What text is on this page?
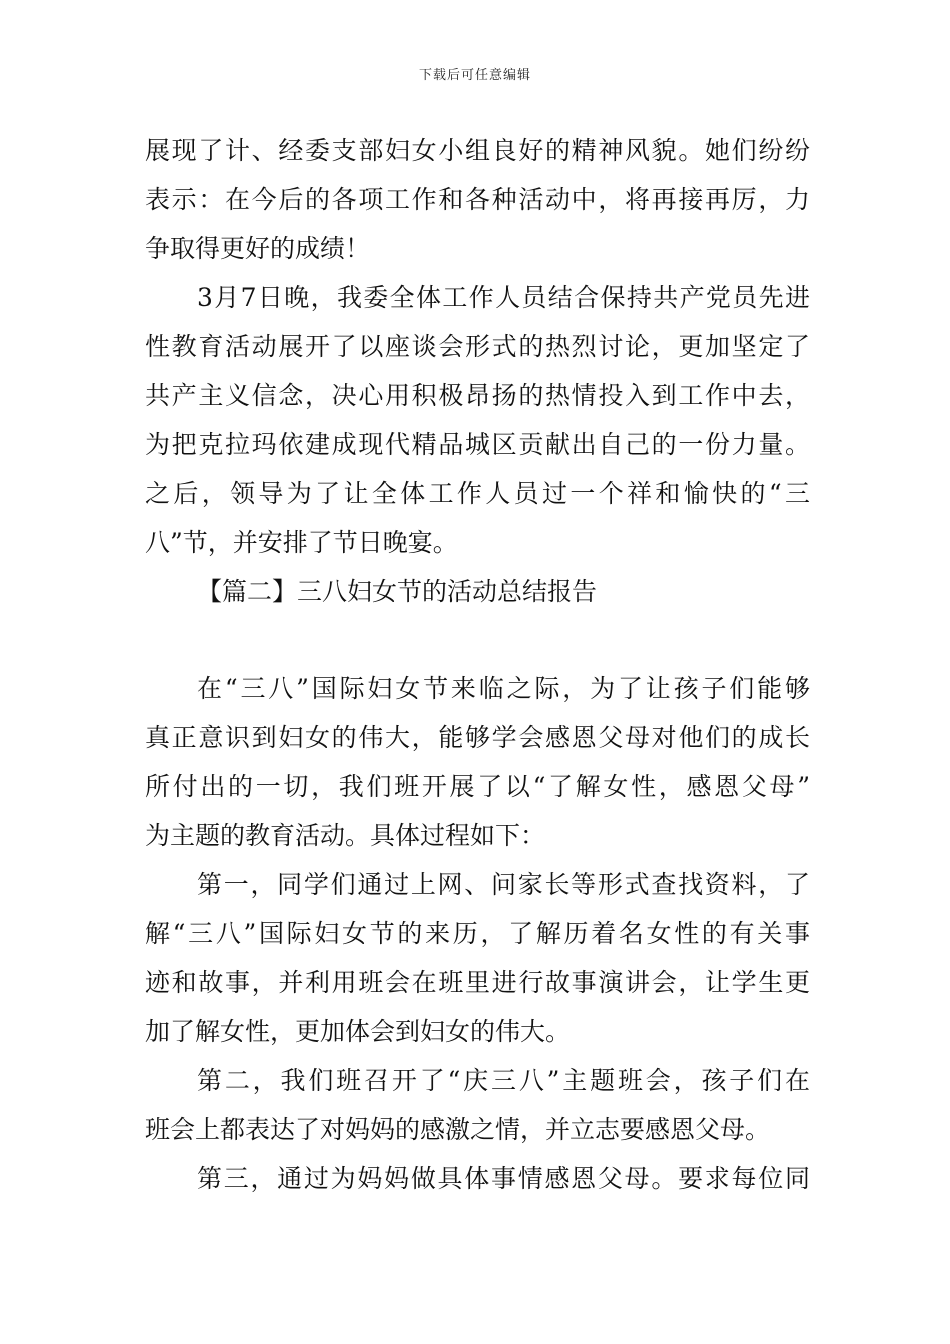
下载后可任意编辑
展现了计、经委支部妇女小组良好的精神风貌。她们纷纷
表示：在今后的各项工作和各种活动中，将再接再厉，力
争取得更好的成绩！
3月7日晚，我委全体工作人员结合保持共产党员先进
性教育活动展开了以座谈会形式的热烈讨论，更加坚定了
共产主义信念，决心用积极昂扬的热情投入到工作中去，
为把克拉玛依建成现代精品城区贡献出自己的一份力量。
之后，领导为了让全体工作人员过一个祥和愉快的“三
八”节，并安排了节日晚宴。
【篇二】三八妇女节的活动总结报告
在“三八”国际妇女节来临之际，为了让孩子们能够
真正意识到妇女的伟大，能够学会感恩父母对他们的成长
所付出的一切，我们班开展了以“了解女性，感恩父母”
为主题的教育活动。具体过程如下：
第一，同学们通过上网、问家长等形式查找资料，了
解“三八”国际妇女节的来历，了解历着名女性的有关事
迹和故事，并利用班会在班里进行故事演讲会，让学生更
加了解女性，更加体会到妇女的伟大。
第二，我们班召开了“庆三八”主题班会，孩子们在
班会上都表达了对妈妈的感激之情，并立志要感恩父母。
第三，通过为妈妈做具体事情感恩父母。要求每位同
